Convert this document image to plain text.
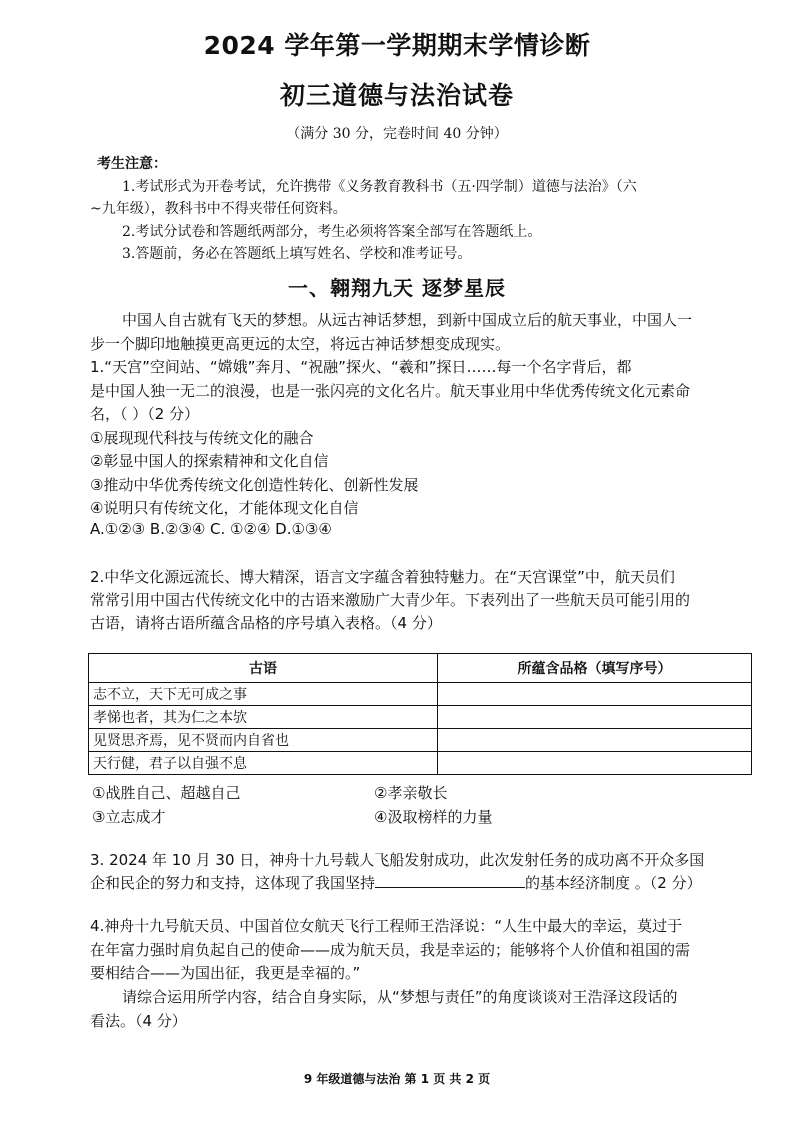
2024 学年第一学期期末学情诊断
初三道德与法治试卷
（满分 30 分，完卷时间 40 分钟）
考生注意：
1.考试形式为开卷考试，允许携带《义务教育教科书（五·四学制）道德与法治》（六
~九年级），教科书中不得夹带任何资料。
2.考试分试卷和答题纸两部分，考生必须将答案全部写在答题纸上。
3.答题前，务必在答题纸上填写姓名、学校和准考证号。
一、翱翔九天 逐梦星辰
中国人自古就有飞天的梦想。从远古神话梦想，到新中国成立后的航天事业，中国人一
步一个脚印地触摸更高更远的太空，将远古神话梦想变成现实。
1.“天宫”空间站、“嫦娥”奔月、“祝融”探火、“羲和”探日……每一个名字背后，都
是中国人独一无二的浪漫，也是一张闪亮的文化名片。航天事业用中华优秀传统文化元素命
名，（ ）（2 分）
①展现现代科技与传统文化的融合
②彰显中国人的探索精神和文化自信
③推动中华优秀传统文化创造性转化、创新性发展
④说明只有传统文化，才能体现文化自信
A.①②③ B.②③④ C. ①②④ D.①③④
2.中华文化源远流长、博大精深，语言文字蕴含着独特魅力。在“天宫课堂”中，航天员们
常常引用中国古代传统文化中的古语来激励广大青少年。下表列出了一些航天员可能引用的
古语，请将古语所蕴含品格的序号填入表格。（4 分）
古语	所蕴含品格（填写序号）
志不立，天下无可成之事	
孝悌也者，其为仁之本欤	
见贤思齐焉，见不贤而内自省也	
天行健，君子以自强不息	
①战胜自己、超越自己	②孝亲敬长
③立志成才	④汲取榜样的力量
3. 2024 年 10 月 30 日，神舟十九号载人飞船发射成功，此次发射任务的成功离不开众多国
企和民企的努力和支持，这体现了我国坚持	的基本经济制度 。（2 分）
4.神舟十九号航天员、中国首位女航天飞行工程师王浩泽说：“人生中最大的幸运，莫过于
在年富力强时肩负起自己的使命——成为航天员，我是幸运的；能够将个人价值和祖国的需
要相结合——为国出征，我更是幸福的。”
请综合运用所学内容，结合自身实际，从“梦想与责任”的角度谈谈对王浩泽这段话的
看法。（4 分）
9 年级道德与法治 第 1 页 共 2 页
